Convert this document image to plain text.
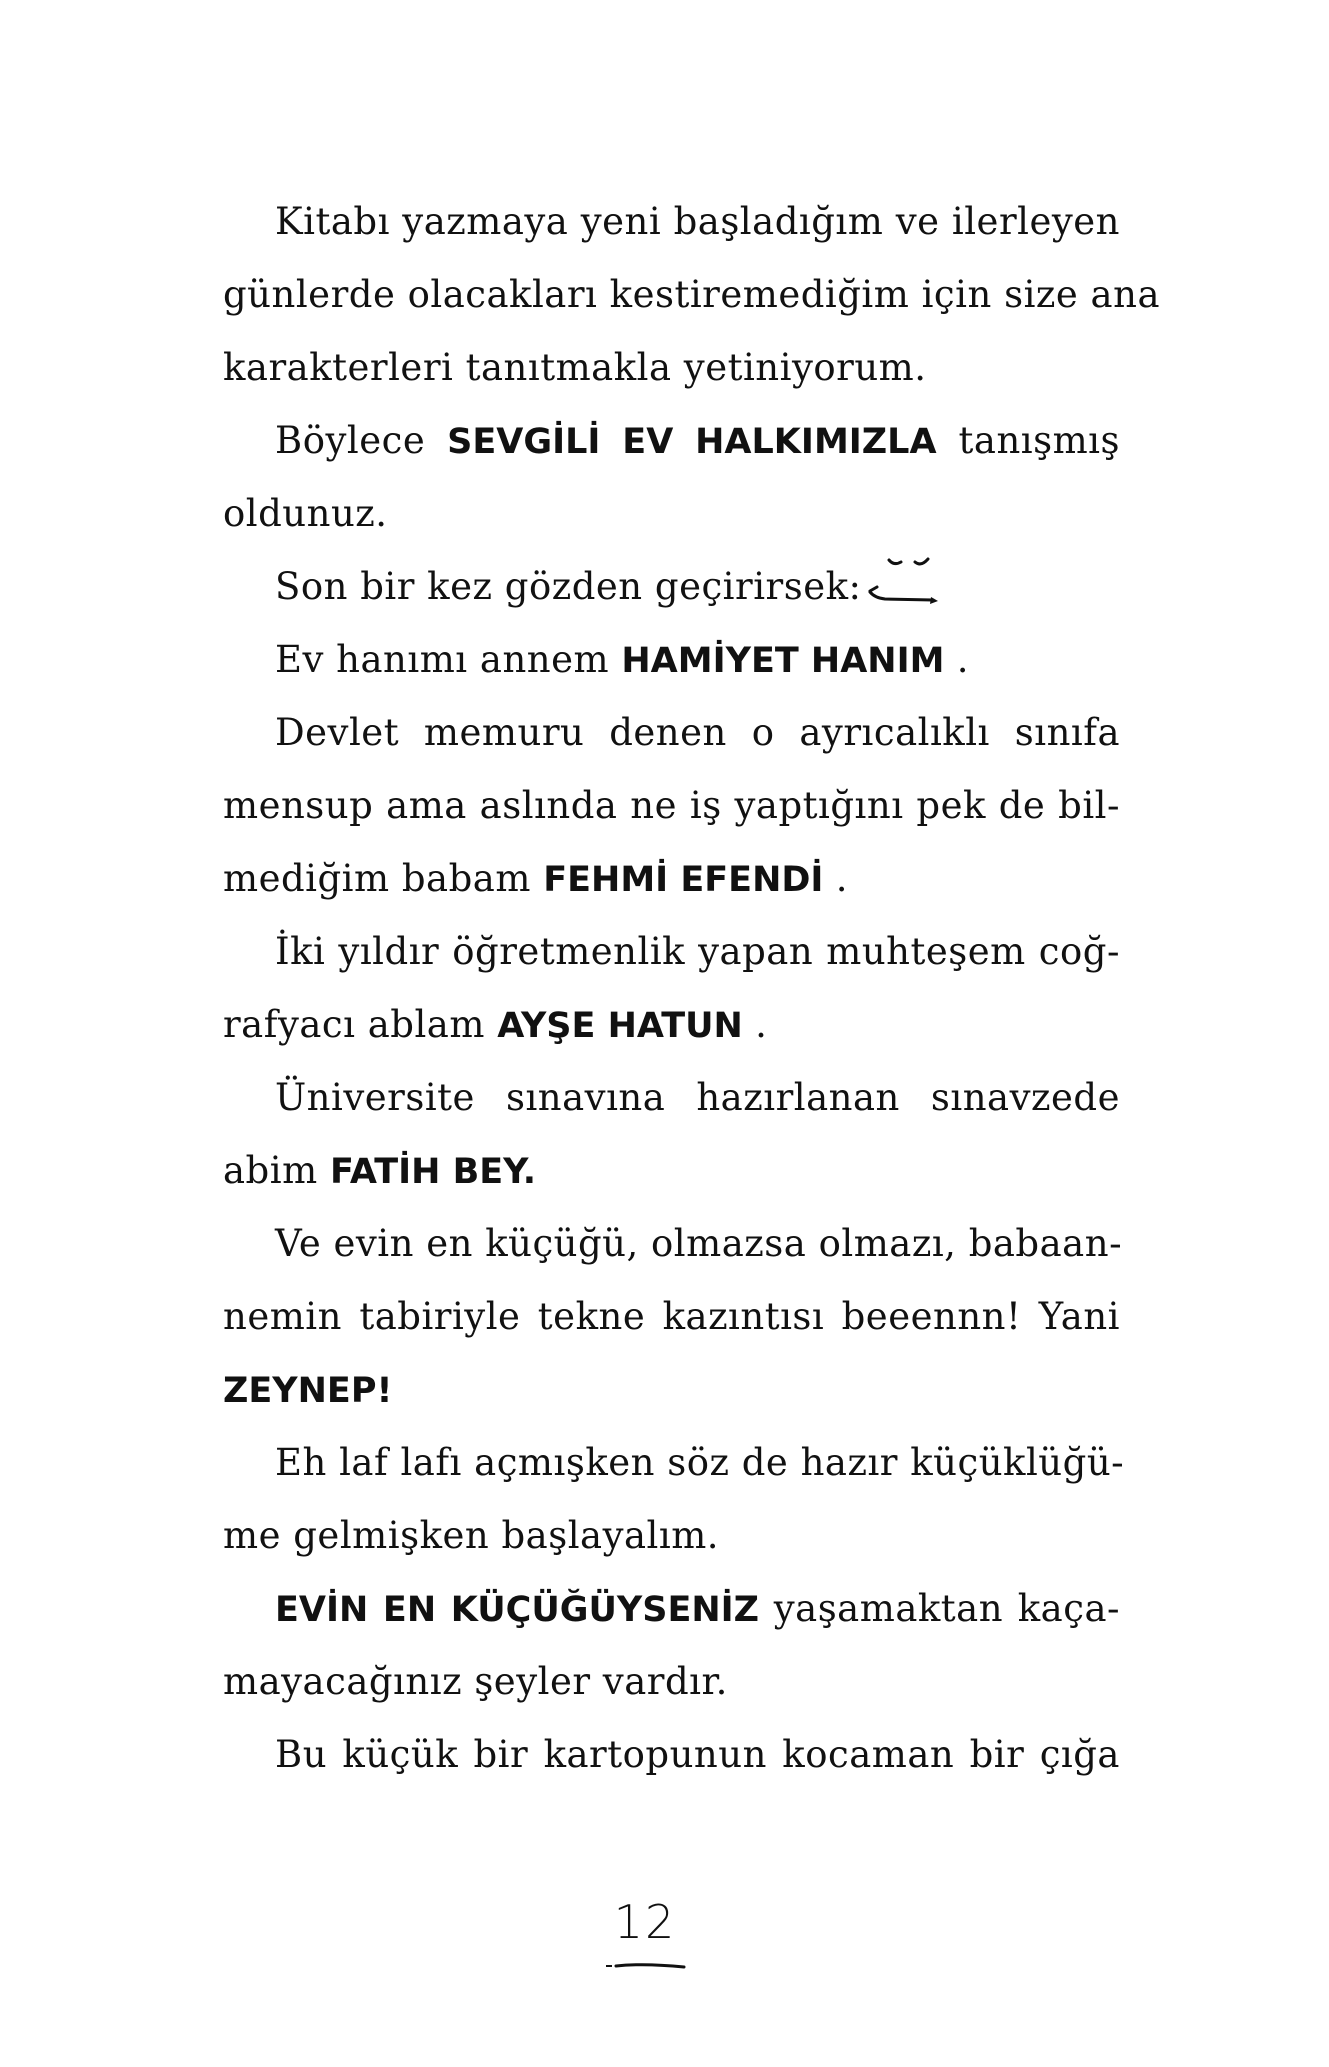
Kitabı yazmaya yeni başladığım ve ilerleyen
günlerde olacakları kestiremediğim için size ana
karakterleri tanıtmakla yetiniyorum.
Böylece SEVGİLİ EV HALKIMIZLA tanışmış
oldunuz.
Son bir kez gözden geçirirsek:
Ev hanımı annem HAMİYET HANIM .
Devlet memuru denen o ayrıcalıklı sınıfa
mensup ama aslında ne iş yaptığını pek de bil-
mediğim babam FEHMİ EFENDİ .
İki yıldır öğretmenlik yapan muhteşem coğ-
rafyacı ablam AYŞE HATUN .
Üniversite sınavına hazırlanan sınavzede
abim FATİH BEY.
Ve evin en küçüğü, olmazsa olmazı, babaan-
nemin tabiriyle tekne kazıntısı beeennn! Yani
ZEYNEP!
Eh laf lafı açmışken söz de hazır küçüklüğü-
me gelmişken başlayalım.
EVİN EN KÜÇÜĞÜYSENİZ yaşamaktan kaça-
mayacağınız şeyler vardır.
Bu küçük bir kartopunun kocaman bir çığa
12
